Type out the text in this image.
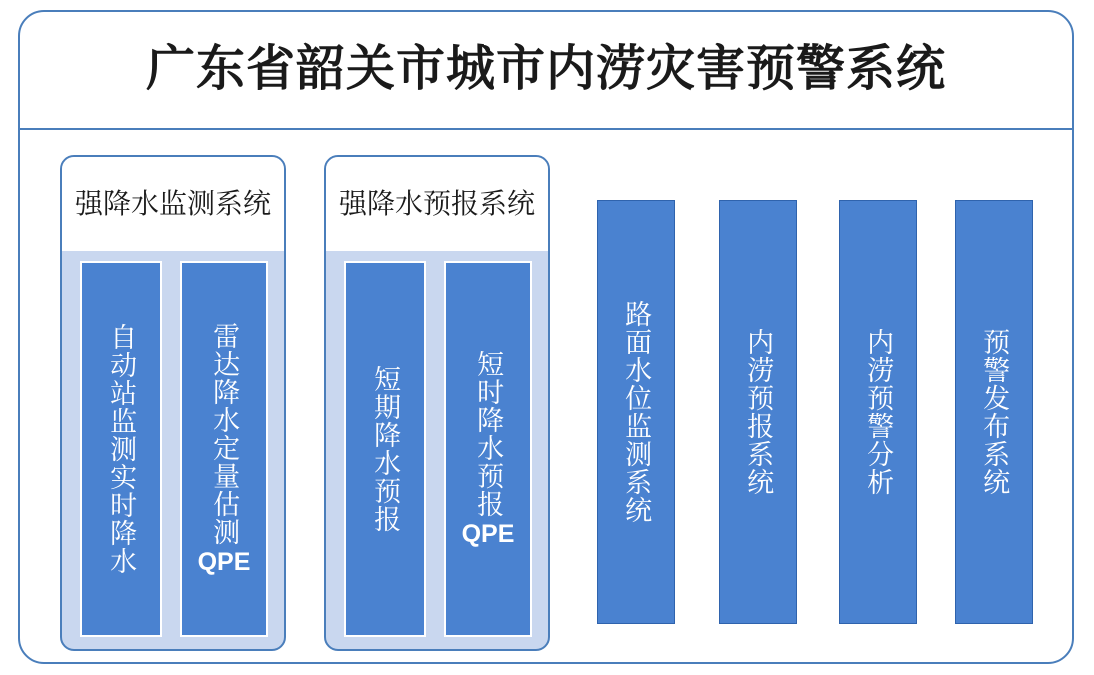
广东省韶关市城市内涝灾害预警系统
强降水监测系统
自动站监测实时降水	雷达降水定量估测
QPE
强降水预报系统
短期降水预报	短时降水预报
QPE
路面水位监测系统	内涝预报系统	内涝预警分析	预警发布系统
